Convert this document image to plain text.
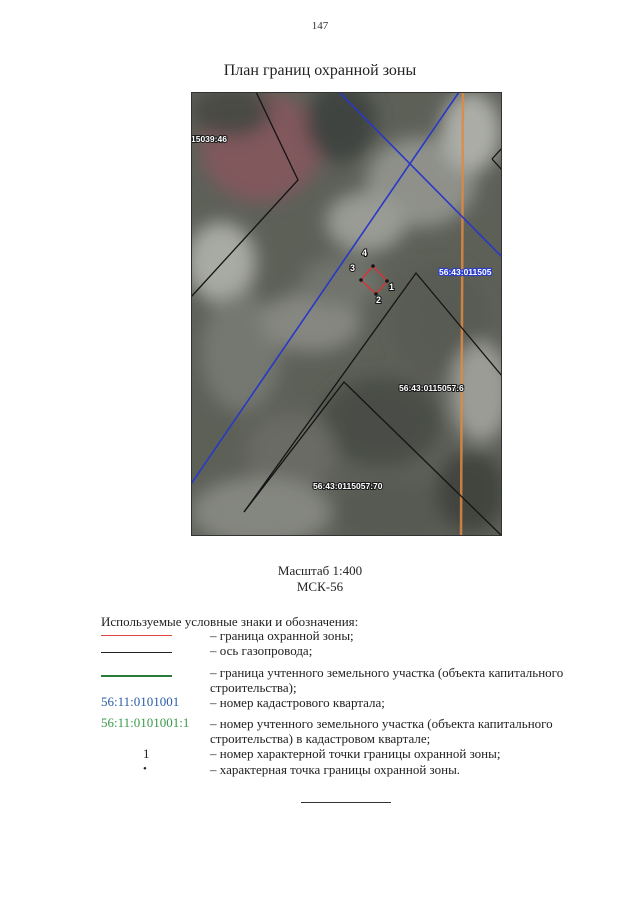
147
План границ охранной зоны
1
2
3
4
15039:46
56:43:011505
56:43:0115057:6
56:43:0115057:70
Масштаб 1:400
МСК-56
Используемые условные знаки и обозначения:
– граница охранной зоны;
– ось газопровода;
– граница учтенного земельного участка (объекта капитального строительства);
56:11:0101001 – номер кадастрового квартала;
56:11:0101001:1 – номер учтенного земельного участка (объекта капитального строительства) в кадастровом квартале;
1	– номер характерной точки границы охранной зоны;
•	– характерная точка границы охранной зоны.
